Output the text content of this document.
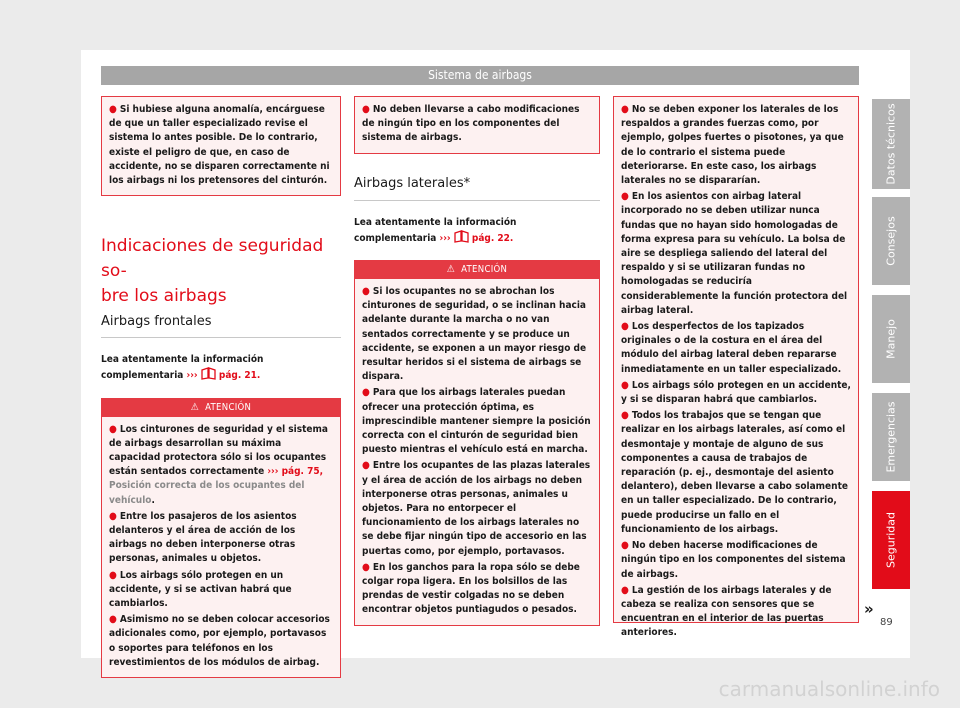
Sistema de airbags

● Si hubiese alguna anomalía, encárguese de que un taller especializado revise el sistema lo antes posible. De lo contrario, existe el peligro de que, en caso de accidente, no se disparen correctamente ni los airbags ni los pretensores del cinturón.

Indicaciones de seguridad so-
bre los airbags
Airbags frontales
Lea atentamente la información complementaria ››› pág. 21.
⚠ ATENCIÓN

● Los cinturones de seguridad y el sistema de airbags desarrollan su máxima capacidad protectora sólo si los ocupantes están sentados correctamente ››› pág. 75, Posición correcta de los ocupantes del vehículo.

● Entre los pasajeros de los asientos delanteros y el área de acción de los airbags no deben interponerse otras personas, animales u objetos.

● Los airbags sólo protegen en un accidente, y si se activan habrá que cambiarlos.

● Asimismo no se deben colocar accesorios adicionales como, por ejemplo, portavasos o soportes para teléfonos en los revestimientos de los módulos de airbag.

● No deben llevarse a cabo modificaciones de ningún tipo en los componentes del sistema de airbags.

Airbags laterales*
Lea atentamente la información complementaria ››› pág. 22.
⚠ ATENCIÓN

● Si los ocupantes no se abrochan los cinturones de seguridad, o se inclinan hacia adelante durante la marcha o no van sentados correctamente y se produce un accidente, se exponen a un mayor riesgo de resultar heridos si el sistema de airbags se dispara.

● Para que los airbags laterales puedan ofrecer una protección óptima, es imprescindible mantener siempre la posición correcta con el cinturón de seguridad bien puesto mientras el vehículo está en marcha.

● Entre los ocupantes de las plazas laterales y el área de acción de los airbags no deben interponerse otras personas, animales u objetos. Para no entorpecer el funcionamiento de los airbags laterales no se debe fijar ningún tipo de accesorio en las puertas como, por ejemplo, portavasos.

● En los ganchos para la ropa sólo se debe colgar ropa ligera. En los bolsillos de las prendas de vestir colgadas no se deben encontrar objetos puntiagudos o pesados.

● No se deben exponer los laterales de los respaldos a grandes fuerzas como, por ejemplo, golpes fuertes o pisotones, ya que de lo contrario el sistema puede deteriorarse. En este caso, los airbags laterales no se dispararían.

● En los asientos con airbag lateral incorporado no se deben utilizar nunca fundas que no hayan sido homologadas de forma expresa para su vehículo. La bolsa de aire se despliega saliendo del lateral del respaldo y si se utilizaran fundas no homologadas se reduciría considerablemente la función protectora del airbag lateral.

● Los desperfectos de los tapizados originales o de la costura en el área del módulo del airbag lateral deben repararse inmediatamente en un taller especializado.

● Los airbags sólo protegen en un accidente, y si se disparan habrá que cambiarlos.

● Todos los trabajos que se tengan que realizar en los airbags laterales, así como el desmontaje y montaje de alguno de sus componentes a causa de trabajos de reparación (p. ej., desmontaje del asiento delantero), deben llevarse a cabo solamente en un taller especializado. De lo contrario, puede producirse un fallo en el funcionamiento de los airbags.

● No deben hacerse modificaciones de ningún tipo en los componentes del sistema de airbags.

● La gestión de los airbags laterales y de cabeza se realiza con sensores que se encuentran en el interior de las puertas anteriores.

»
Datos técnicos
Consejos
Manejo
Emergencias
Seguridad
89
carmanualsonline.info
